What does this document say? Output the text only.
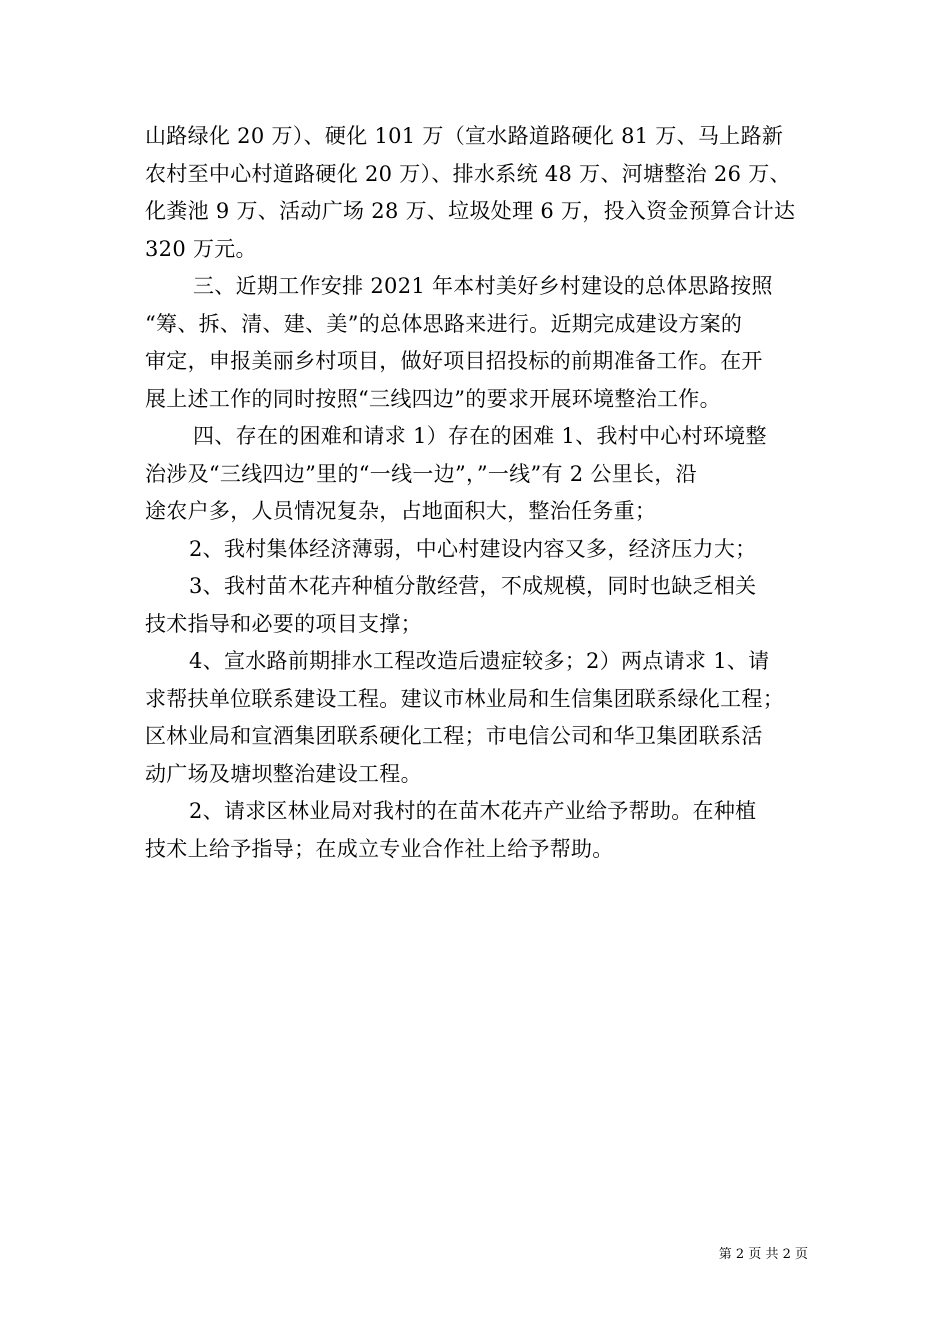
山路绿化 20 万）、硬化 101 万（宣水路道路硬化 81 万、马上路新
农村至中心村道路硬化 20 万）、排水系统 48 万、河塘整治 26 万、
化粪池 9 万、活动广场 28 万、垃圾处理 6 万，投入资金预算合计达
320 万元。
三、近期工作安排 2021 年本村美好乡村建设的总体思路按照
“筹、拆、清、建、美”的总体思路来进行。近期完成建设方案的
审定，申报美丽乡村项目，做好项目招投标的前期准备工作。在开
展上述工作的同时按照“三线四边”的要求开展环境整治工作。
四、存在的困难和请求 1）存在的困难 1、我村中心村环境整
治涉及“三线四边”里的“一线一边”，”一线”有 2 公里长，沿
途农户多，人员情况复杂，占地面积大，整治任务重；
2、我村集体经济薄弱，中心村建设内容又多，经济压力大；
3、我村苗木花卉种植分散经营，不成规模，同时也缺乏相关
技术指导和必要的项目支撑；
4、宣水路前期排水工程改造后遗症较多；2）两点请求 1、请
求帮扶单位联系建设工程。建议市林业局和生信集团联系绿化工程；
区林业局和宣酒集团联系硬化工程；市电信公司和华卫集团联系活
动广场及塘坝整治建设工程。
2、请求区林业局对我村的在苗木花卉产业给予帮助。在种植
技术上给予指导；在成立专业合作社上给予帮助。
第 2 页 共 2 页
